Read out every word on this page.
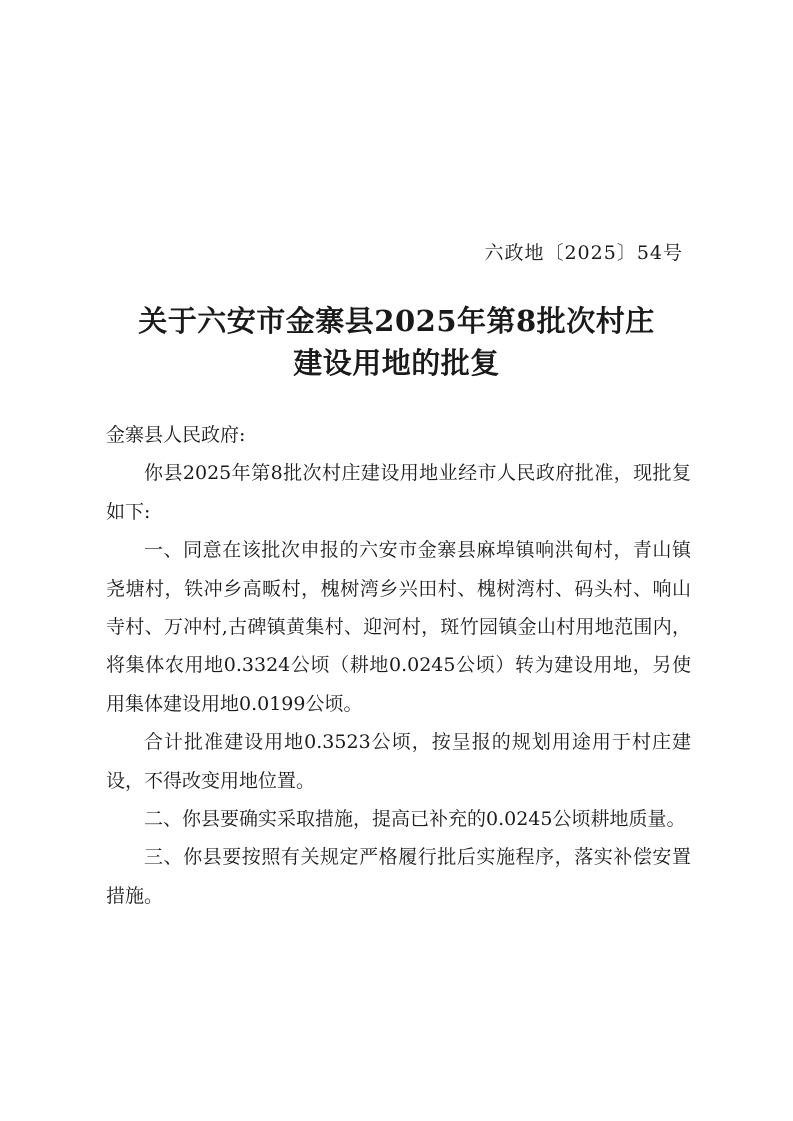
六政地〔2025〕54号
关于六安市金寨县2025年第8批次村庄
建设用地的批复

金寨县人民政府:

你县2025年第8批次村庄建设用地业经市人民政府批准，现批复如下:

一、同意在该批次申报的六安市金寨县麻埠镇响洪甸村，青山镇尧塘村，铁冲乡高畈村，槐树湾乡兴田村、槐树湾村、码头村、响山寺村、万冲村,古碑镇黄集村、迎河村，斑竹园镇金山村用地范围内，将集体农用地0.3324公顷（耕地0.0245公顷）转为建设用地，另使用集体建设用地0.0199公顷。

合计批准建设用地0.3523公顷，按呈报的规划用途用于村庄建设，不得改变用地位置。

二、你县要确实采取措施，提高已补充的0.0245公顷耕地质量。

三、你县要按照有关规定严格履行批后实施程序，落实补偿安置措施。
